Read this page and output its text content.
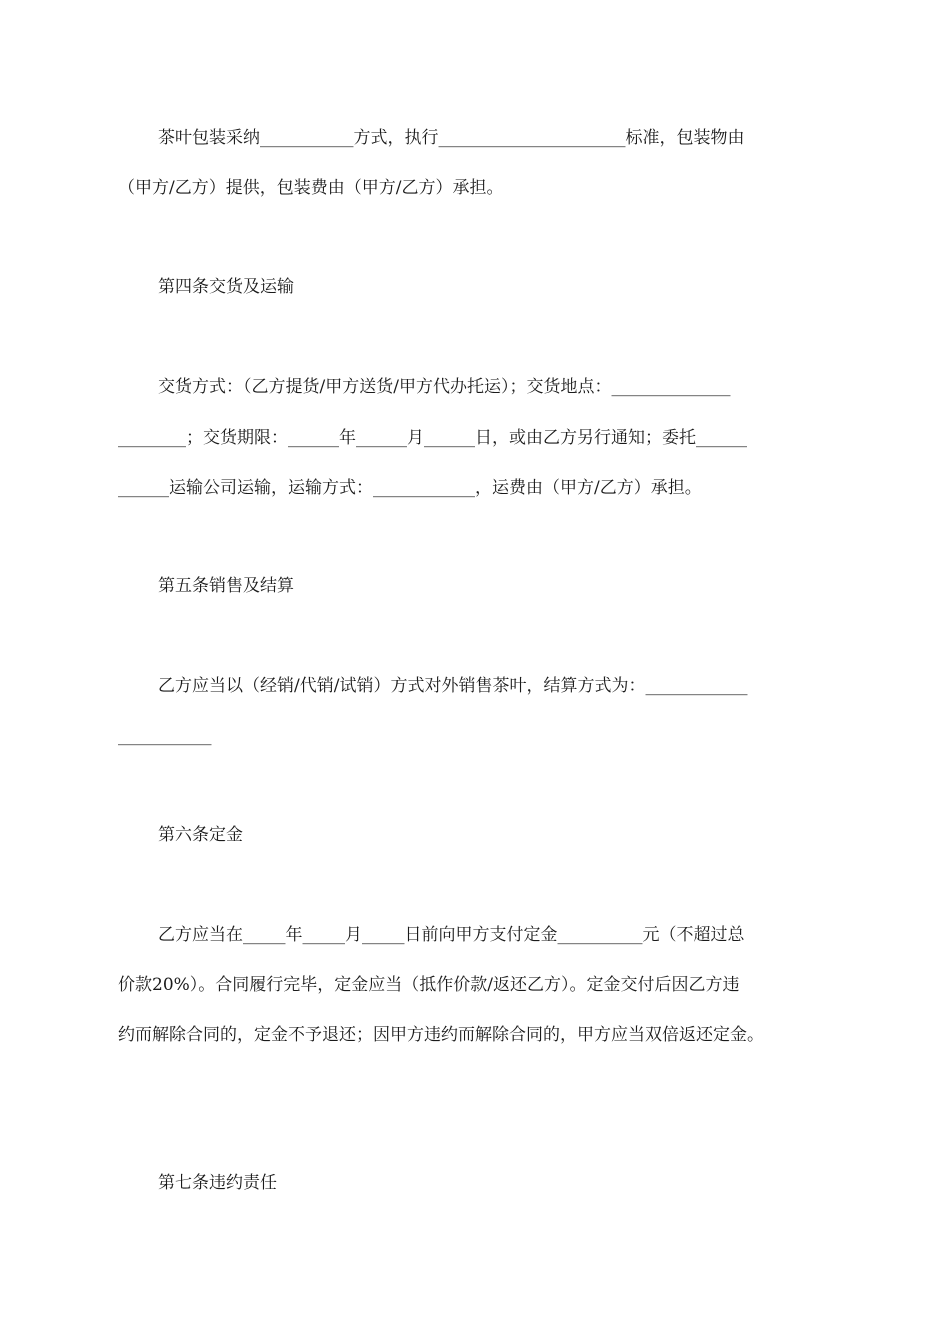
茶叶包装采纳___________方式，执行______________________标准，包装物由
（甲方/乙方）提供，包装费由（甲方/乙方）承担。
第四条交货及运输
交货方式：（乙方提货/甲方送货/甲方代办托运）；交货地点：______________
________；交货期限：______年______月______日，或由乙方另行通知；委托______
______运输公司运输，运输方式：____________，运费由（甲方/乙方）承担。
第五条销售及结算
乙方应当以（经销/代销/试销）方式对外销售茶叶，结算方式为：____________
___________
第六条定金
乙方应当在_____年_____月_____日前向甲方支付定金__________元（不超过总
价款20%）。合同履行完毕，定金应当（抵作价款/返还乙方）。定金交付后因乙方违
约而解除合同的，定金不予退还；因甲方违约而解除合同的，甲方应当双倍返还定金。
第七条违约责任
